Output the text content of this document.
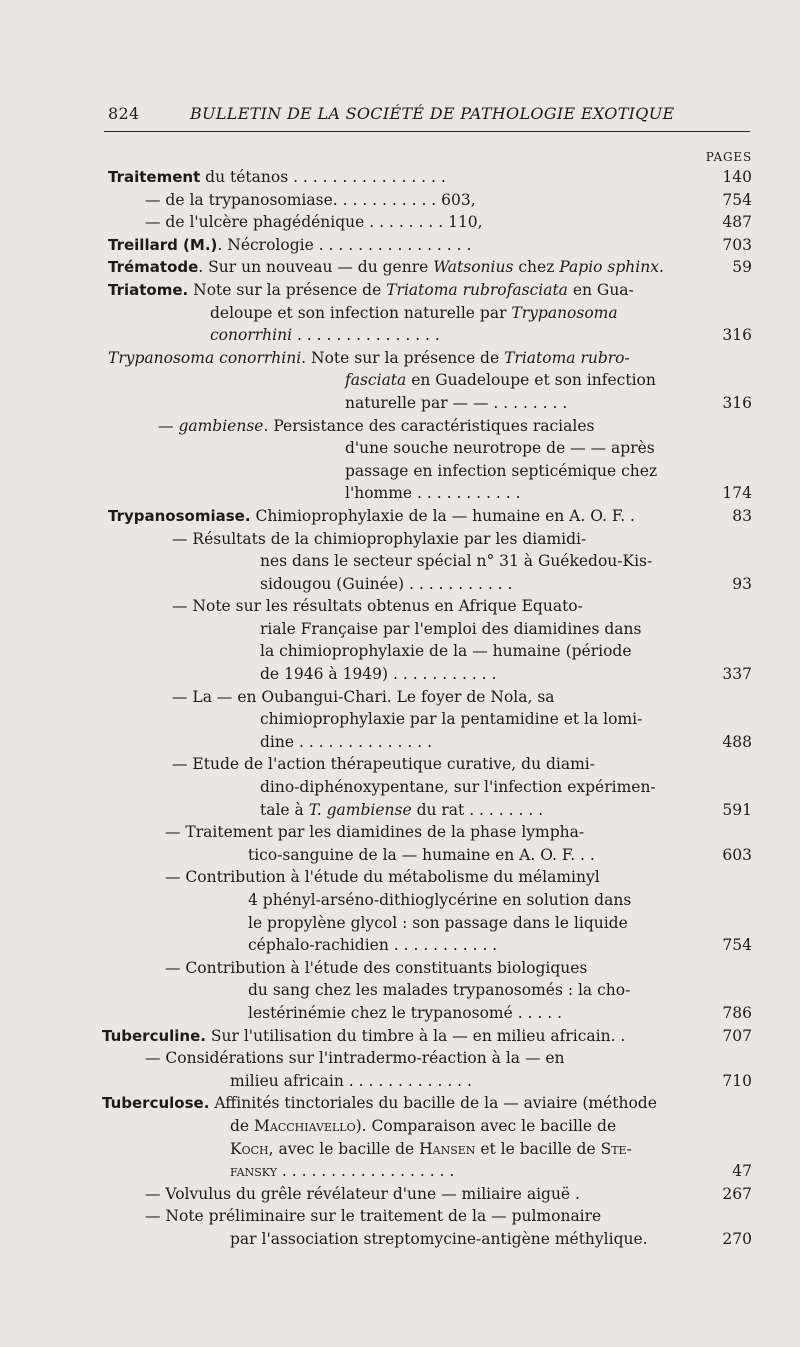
824	BULLETIN DE LA SOCIÉTÉ DE PATHOLOGIE EXOTIQUE
PAGES
Traitement du tétanos . . . . . . . . . . . . . . . .	140
— de la trypanosomiase. . . . . . . . . . . 603,	754
— de l'ulcère phagédénique . . . . . . . . 110,	487
Treillard (M.). Nécrologie . . . . . . . . . . . . . . . .	703
Trématode. Sur un nouveau — du genre Watsonius chez Papio sphinx.	59
Triatome. Note sur la présence de Triatoma rubrofasciata en Gua-
deloupe et son infection naturelle par Trypanosoma
conorrhini . . . . . . . . . . . . . . .	316
Trypanosoma conorrhini. Note sur la présence de Triatoma rubro-
fasciata en Guadeloupe et son infection
naturelle par — — . . . . . . . .	316
— gambiense. Persistance des caractéristiques raciales
d'une souche neurotrope de — — après
passage en infection septicémique chez
l'homme . . . . . . . . . . .	174
Trypanosomiase. Chimioprophylaxie de la — humaine en A. O. F. .	83
— Résultats de la chimioprophylaxie par les diamidi-
nes dans le secteur spécial n° 31 à Guékedou-Kis-
sidougou (Guinée) . . . . . . . . . . .	93
— Note sur les résultats obtenus en Afrique Equato-
riale Française par l'emploi des diamidines dans
la chimioprophylaxie de la — humaine (période
de 1946 à 1949) . . . . . . . . . . .	337
— La — en Oubangui-Chari. Le foyer de Nola, sa
chimioprophylaxie par la pentamidine et la lomi-
dine . . . . . . . . . . . . . .	488
— Etude de l'action thérapeutique curative, du diami-
dino-diphénoxypentane, sur l'infection expérimen-
tale à T. gambiense du rat . . . . . . . .	591
— Traitement par les diamidines de la phase lympha-
tico-sanguine de la — humaine en A. O. F. . .	603
— Contribution à l'étude du métabolisme du mélaminyl
4 phényl-arséno-dithioglycérine en solution dans
le propylène glycol : son passage dans le liquide
céphalo-rachidien . . . . . . . . . . .	754
— Contribution à l'étude des constituants biologiques
du sang chez les malades trypanosomés : la cho-
lestérinémie chez le trypanosomé . . . . .	786
Tuberculine. Sur l'utilisation du timbre à la — en milieu africain. .	707
— Considérations sur l'intradermo-réaction à la — en
milieu africain . . . . . . . . . . . . .	710
Tuberculose. Affinités tinctoriales du bacille de la — aviaire (méthode
de Macchiavello). Comparaison avec le bacille de
Koch, avec le bacille de Hansen et le bacille de Ste-
FANSKY . . . . . . . . . . . . . . . . . .	47
— Volvulus du grêle révélateur d'une — miliaire aiguë .	267
— Note préliminaire sur le traitement de la — pulmonaire
par l'association streptomycine-antigène méthylique.	270
